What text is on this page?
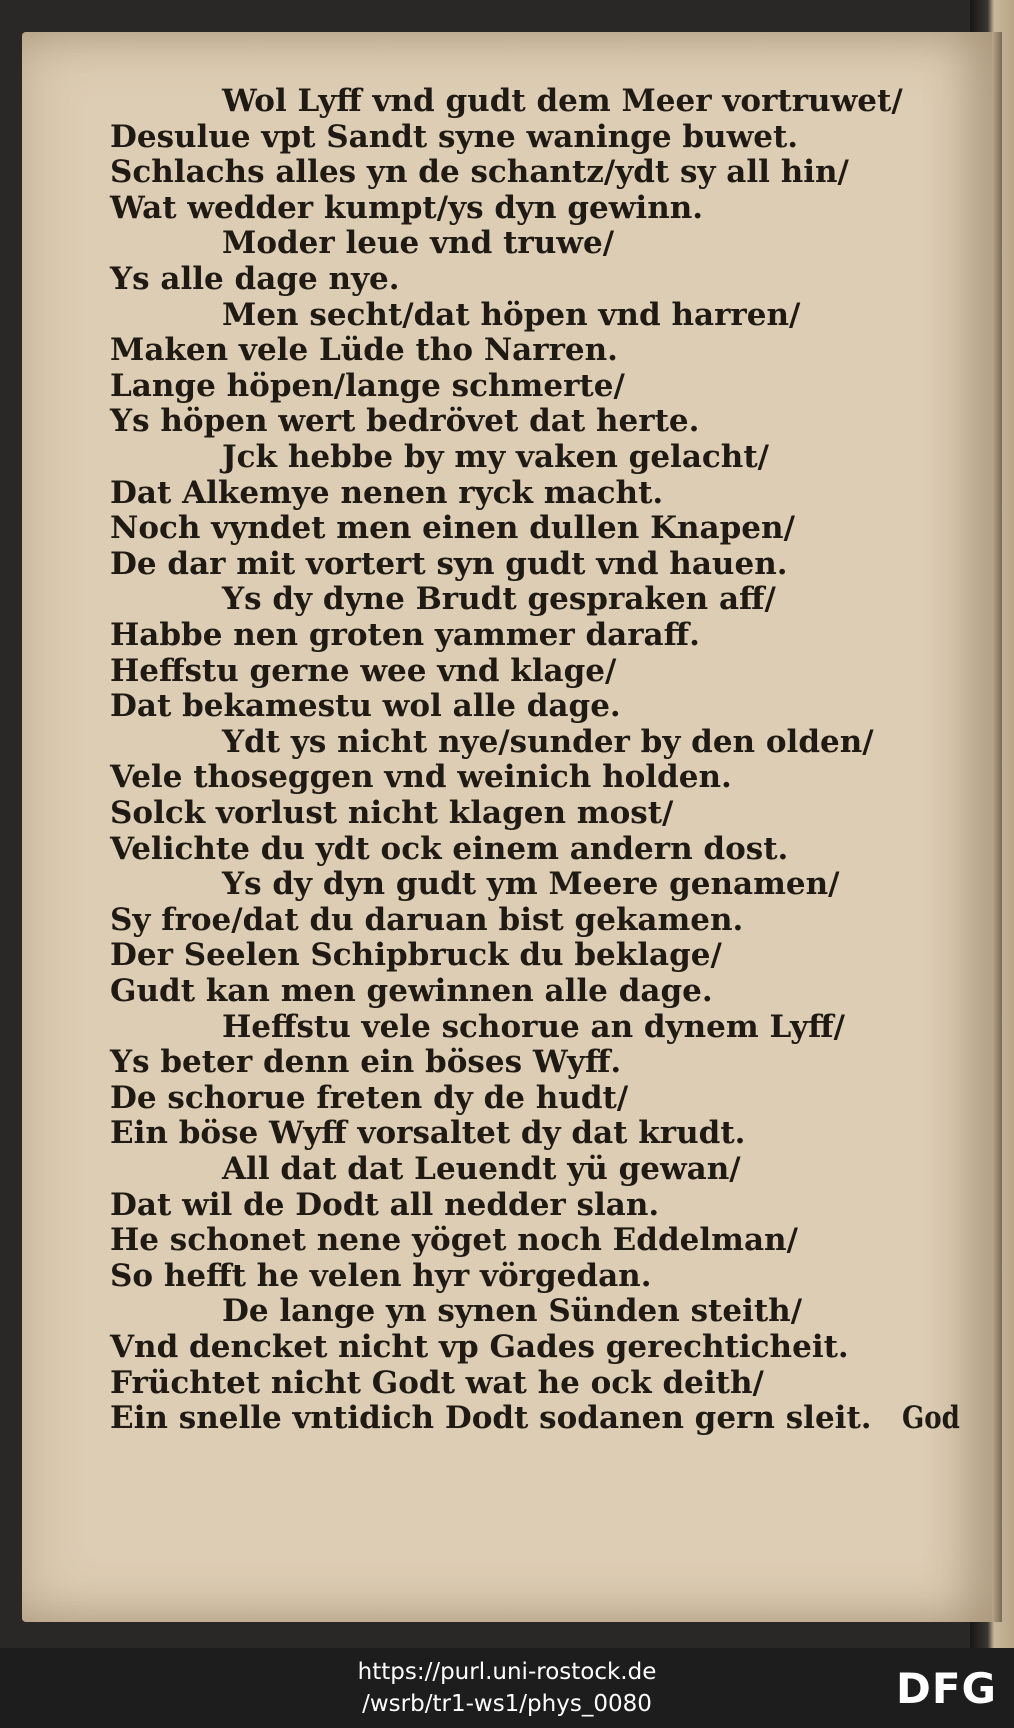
Wol Lyff vnd gudt dem Meer vortruwet/
Desulue vpt Sandt syne waninge buwet.
Schlachs alles yn de schantz/ydt sy all hin/
Wat wedder kumpt/ys dyn gewinn.
Moder leue vnd truwe/
Ys alle dage nye.
Men secht/dat höpen vnd harren/
Maken vele Lüde tho Narren.
Lange höpen/lange schmerte/
Ys höpen wert bedrövet dat herte.
Jck hebbe by my vaken gelacht/
Dat Alkemye nenen ryck macht.
Noch vyndet men einen dullen Knapen/
De dar mit vortert syn gudt vnd hauen.
Ys dy dyne Brudt gespraken aff/
Habbe nen groten yammer daraff.
Heffstu gerne wee vnd klage/
Dat bekamestu wol alle dage.
Ydt ys nicht nye/sunder by den olden/
Vele thoseggen vnd weinich holden.
Solck vorlust nicht klagen most/
Velichte du ydt ock einem andern dost.
Ys dy dyn gudt ym Meere genamen/
Sy froe/dat du daruan bist gekamen.
Der Seelen Schipbruck du beklage/
Gudt kan men gewinnen alle dage.
Heffstu vele schorue an dynem Lyff/
Ys beter denn ein böses Wyff.
De schorue freten dy de hudt/
Ein böse Wyff vorsaltet dy dat krudt.
All dat dat Leuendt yü gewan/
Dat wil de Dodt all nedder slan.
He schonet nene yöget noch Eddelman/
So hefft he velen hyr vörgedan.
De lange yn synen Sünden steith/
Vnd dencket nicht vp Gades gerechticheit.
Früchtet nicht Godt wat he ock deith/
Ein snelle vntidich Dodt sodanen gern sleit. God
https://purl.uni-rostock.de
/wsrb/tr1-ws1/phys_0080	DFG
